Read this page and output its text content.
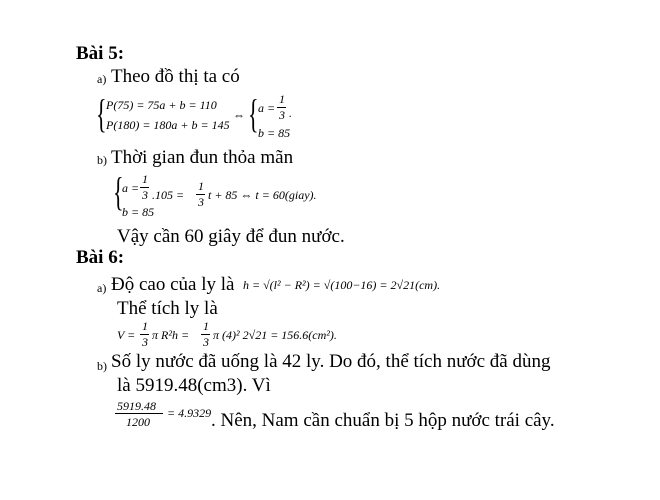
Bài 5:
a) Theo đồ thị ta có
{ P(75) = 75a + b = 110
P(180) = 180a + b = 145
⇔ { a =
1
3 .
b = 85
b) Thời gian đun thỏa mãn
{
a =
1
3
b = 85
.105 =
1
3 t + 85 ⇔ t = 60(giay).
Vậy cần 60 giây để đun nước.
Bài 6:
a) Độ cao của ly là h = √(l² − R²) = √(100−16) = 2√21(cm).
Thể tích ly là
V =
1
3 π R²h =
1
3 π (4)² 2√21 = 156.6(cm²).
b) Số ly nước đã uống là 42 ly. Do đó, thể tích nước đã dùng
là 5919.48(cm3). Vì
5919.48
1200
= 4.9329 . Nên, Nam cần chuẩn bị 5 hộp nước trái cây.
